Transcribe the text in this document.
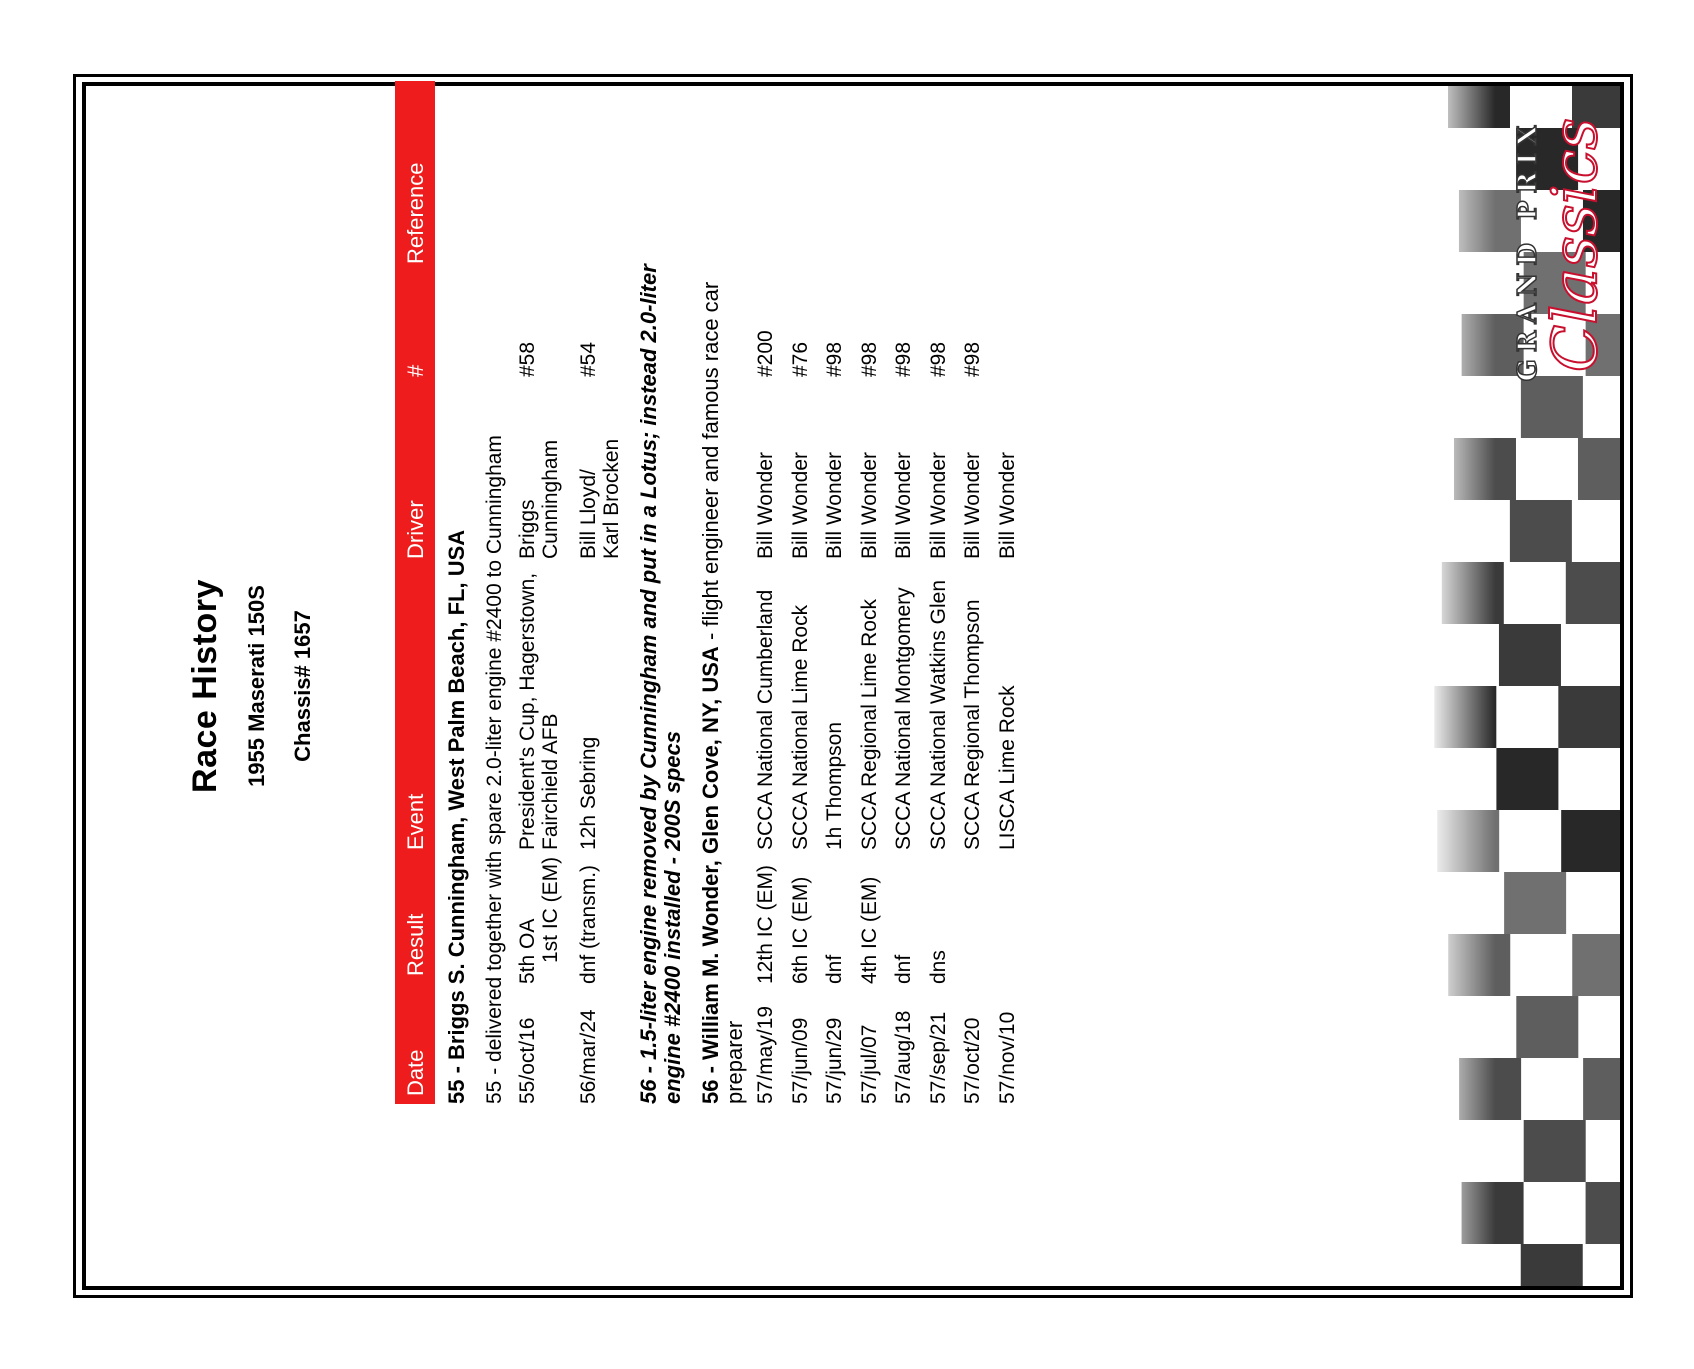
GRAND PRIX
Classics
Race History 1955 Maserati 150S Chassis# 1657
Date
Result
Event
Driver
#
Reference
55 - Briggs S. Cunningham, West Palm Beach, FL, USA 55 - delivered together with spare 2.0-liter engine #2400 to Cunningham 55/oct/16
5th OA 1st IC (EM)
President's Cup, Hagerstown, Fairchield AFB
Briggs Cunningham
#58
56/mar/24
dnf (transm.)
12h Sebring
Bill Lloyd/ Karl Brocken
#54 56 - 1.5-liter engine removed by Cunningham and put in a Lotus; instead 2.0-liter engine #2400 installed - 200S specs 56 - William M. Wonder, Glen Cove, NY, USA - flight engineer and famous race car
preparer 57/may/19
12th IC (EM)
SCCA National Cumberland
Bill Wonder
#200
57/jun/09
6th IC (EM)
SCCA National Lime Rock
Bill Wonder
#76
57/jun/29
dnf
1h Thompson
Bill Wonder
#98
57/jul/07
4th IC (EM)
SCCA Regional Lime Rock
Bill Wonder
#98
57/aug/18
dnf
SCCA National Montgomery
Bill Wonder
#98
57/sep/21
dns
SCCA National Watkins Glen
Bill Wonder
#98
57/oct/20
SCCA Regional Thompson
Bill Wonder
#98
57/nov/10
LISCA Lime Rock
Bill Wonder
